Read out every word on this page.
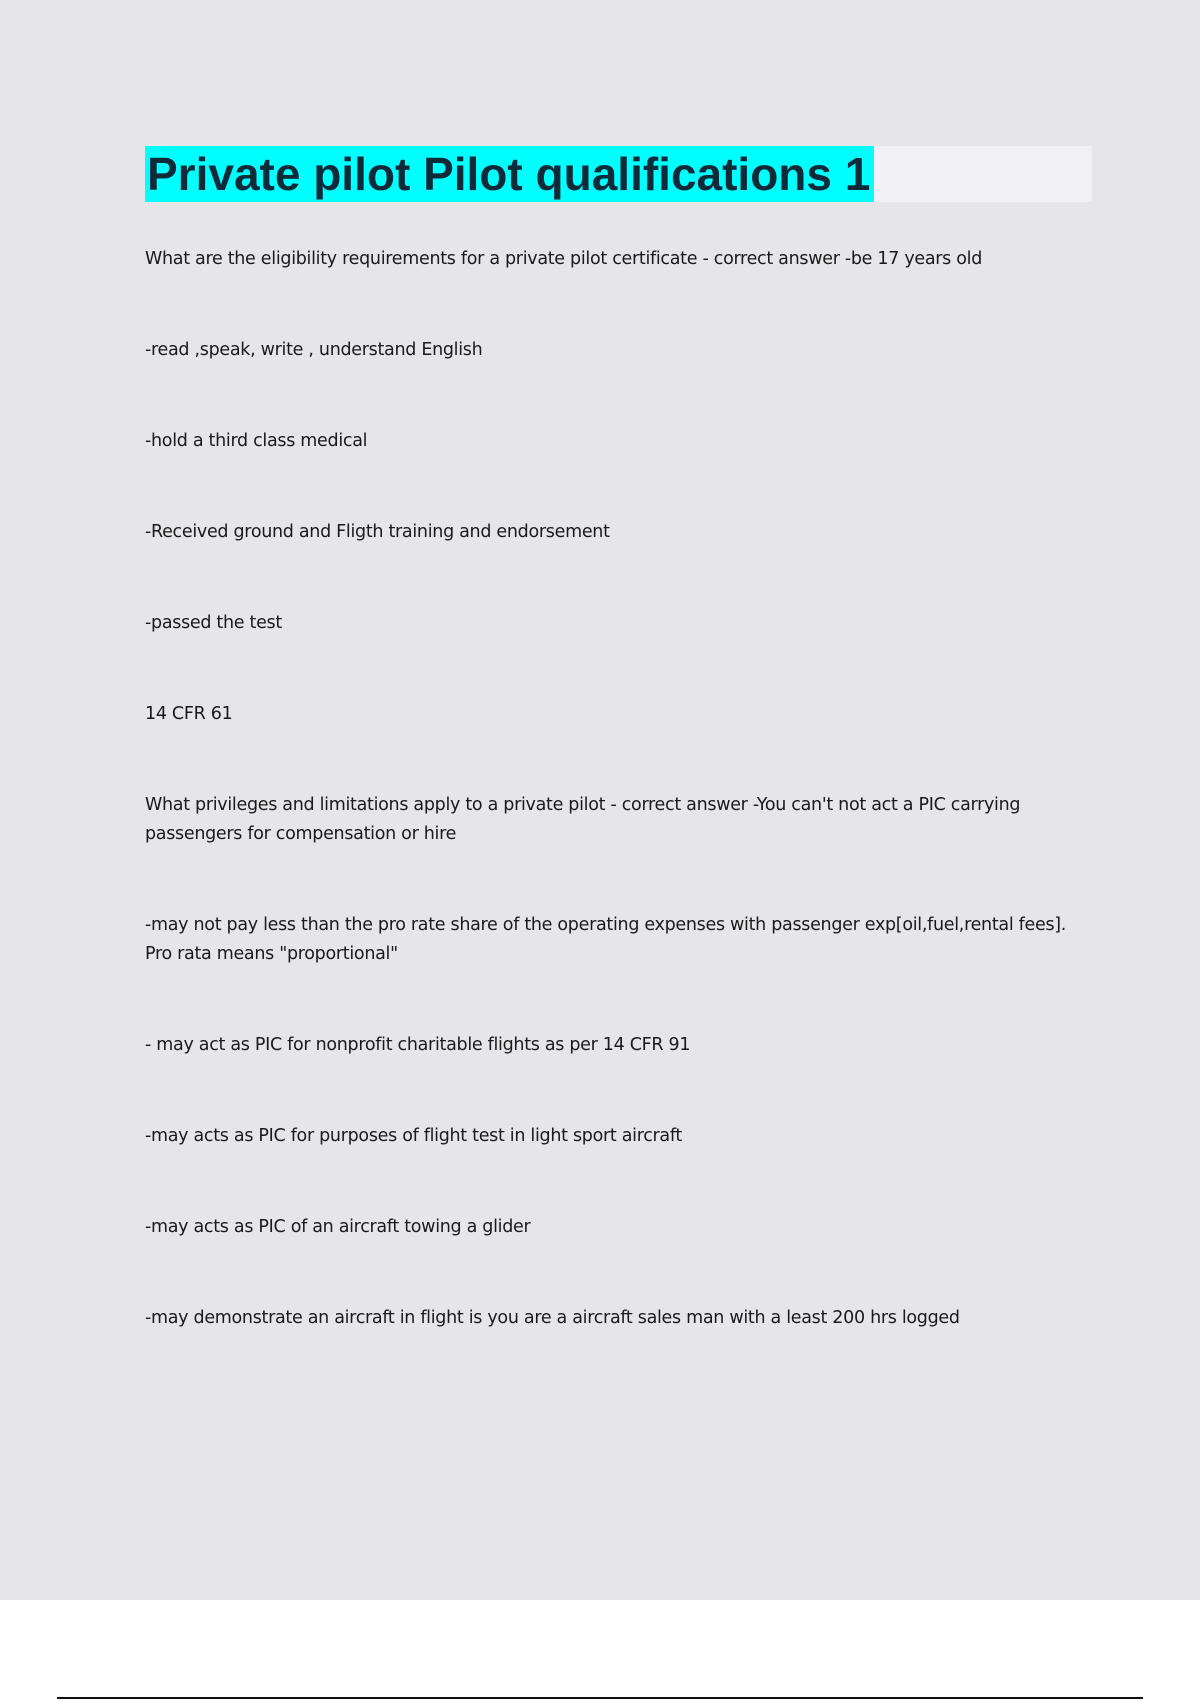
Private pilot Pilot qualifications 1

What are the eligibility requirements for a private pilot certificate - correct answer -be 17 years old

-read ,speak, write , understand English

-hold a third class medical

-Received ground and Fligth training and endorsement

-passed the test

14 CFR 61

What privileges and limitations apply to a private pilot - correct answer -You can't not act a PIC carrying passengers for compensation or hire

-may not pay less than the pro rate share of the operating expenses with passenger exp[oil,fuel,rental fees]. Pro rata means "proportional"

- may act as PIC for nonprofit charitable flights as per 14 CFR 91

-may acts as PIC for purposes of flight test in light sport aircraft

-may acts as PIC of an aircraft towing a glider

-may demonstrate an aircraft in flight is you are a aircraft sales man with a least 200 hrs logged
